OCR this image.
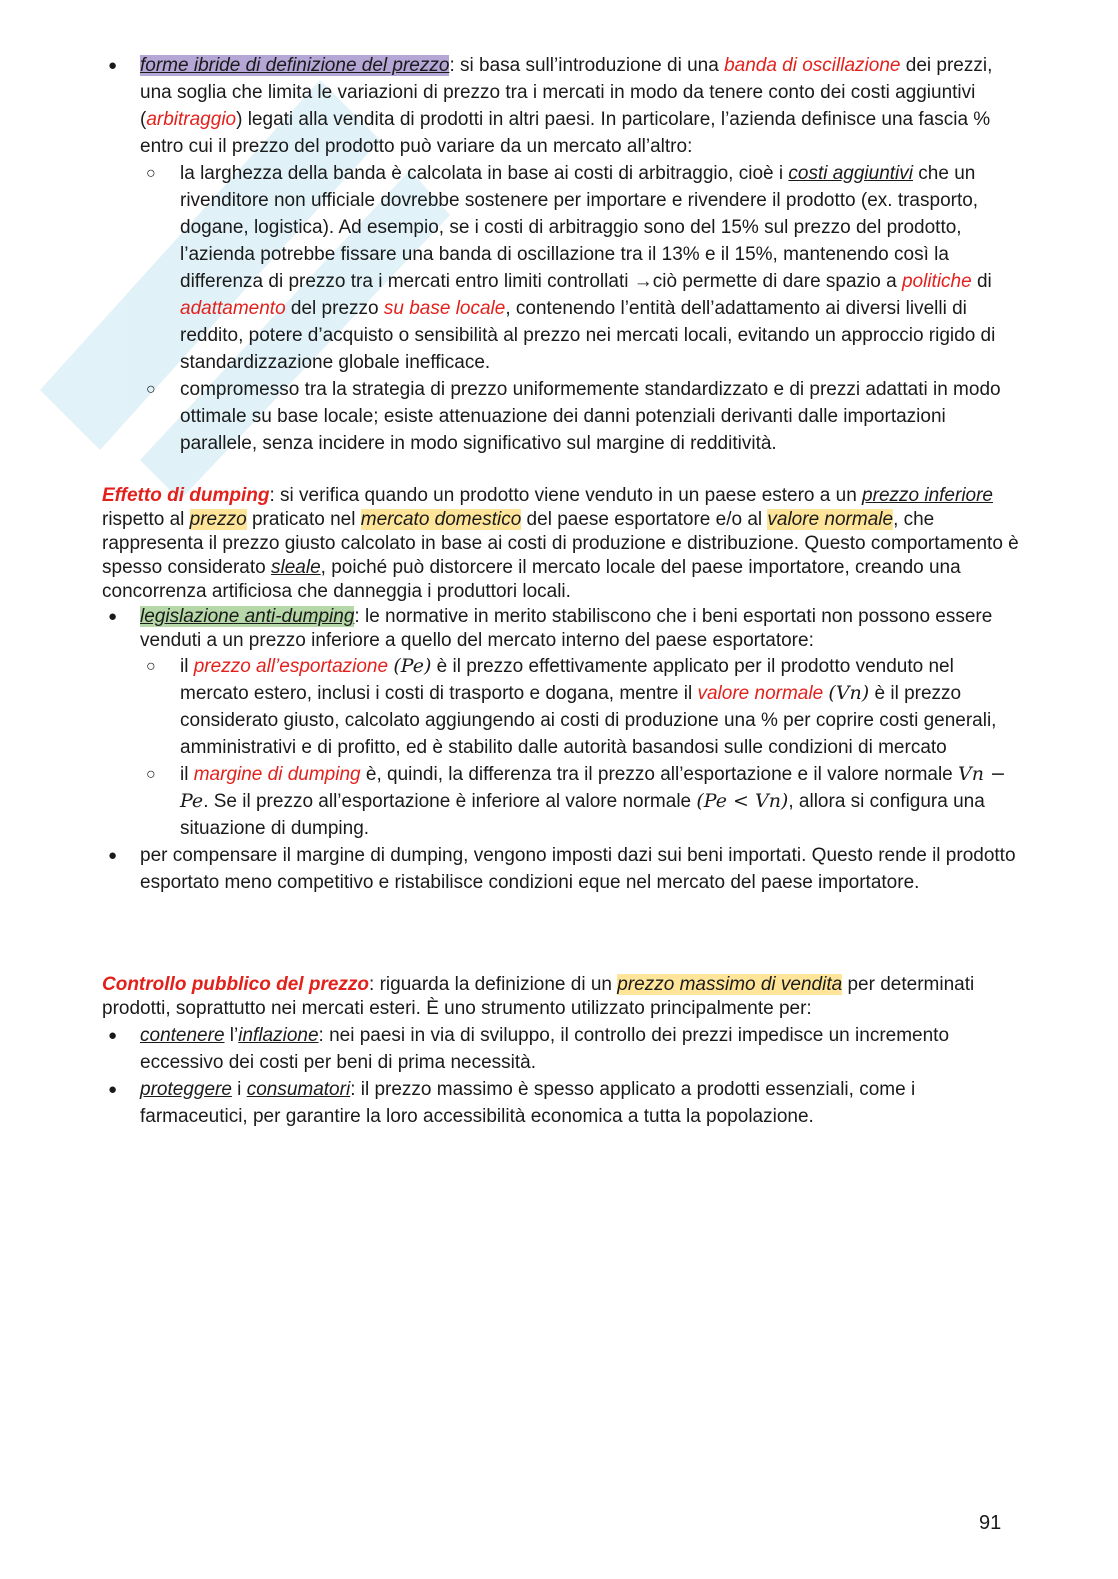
● forme ibride di definizione del prezzo: si basa sull’introduzione di una banda di oscillazione dei prezzi, una soglia che limita le variazioni di prezzo tra i mercati in modo da tenere conto dei costi aggiuntivi (arbitraggio) legati alla vendita di prodotti in altri paesi. In particolare, l’azienda definisce una fascia % entro cui il prezzo del prodotto può variare da un mercato all’altro:
○ la larghezza della banda è calcolata in base ai costi di arbitraggio, cioè i costi aggiuntivi che un rivenditore non ufficiale dovrebbe sostenere per importare e rivendere il prodotto (ex. trasporto, dogane, logistica). Ad esempio, se i costi di arbitraggio sono del 15% sul prezzo del prodotto, l’azienda potrebbe fissare una banda di oscillazione tra il 13% e il 15%, mantenendo così la differenza di prezzo tra i mercati entro limiti controllati →ciò permette di dare spazio a politiche di adattamento del prezzo su base locale, contenendo l’entità dell’adattamento ai diversi livelli di reddito, potere d’acquisto o sensibilità al prezzo nei mercati locali, evitando un approccio rigido di standardizzazione globale inefficace.
○ compromesso tra la strategia di prezzo uniformemente standardizzato e di prezzi adattati in modo ottimale su base locale; esiste attenuazione dei danni potenziali derivanti dalle importazioni parallele, senza incidere in modo significativo sul margine di redditività.

Effetto di dumping: si verifica quando un prodotto viene venduto in un paese estero a un prezzo inferiore rispetto al prezzo praticato nel mercato domestico del paese esportatore e/o al valore normale, che rappresenta il prezzo giusto calcolato in base ai costi di produzione e distribuzione. Questo comportamento è spesso considerato sleale, poiché può distorcere il mercato locale del paese importatore, creando una concorrenza artificiosa che danneggia i produttori locali.

● legislazione anti-dumping: le normative in merito stabiliscono che i beni esportati non possono essere venduti a un prezzo inferiore a quello del mercato interno del paese esportatore:
○ il prezzo all’esportazione (Pe) è il prezzo effettivamente applicato per il prodotto venduto nel mercato estero, inclusi i costi di trasporto e dogana, mentre il valore normale (Vn) è il prezzo considerato giusto, calcolato aggiungendo ai costi di produzione una % per coprire costi generali, amministrativi e di profitto, ed è stabilito dalle autorità basandosi sulle condizioni di mercato
○ il margine di dumping è, quindi, la differenza tra il prezzo all’esportazione e il valore normale Vn − Pe. Se il prezzo all’esportazione è inferiore al valore normale (Pe < Vn), allora si configura una situazione di dumping.
● per compensare il margine di dumping, vengono imposti dazi sui beni importati. Questo rende il prodotto esportato meno competitivo e ristabilisce condizioni eque nel mercato del paese importatore.

Controllo pubblico del prezzo: riguarda la definizione di un prezzo massimo di vendita per determinati prodotti, soprattutto nei mercati esteri. È uno strumento utilizzato principalmente per:

● contenere l’inflazione: nei paesi in via di sviluppo, il controllo dei prezzi impedisce un incremento eccessivo dei costi per beni di prima necessità.
● proteggere i consumatori: il prezzo massimo è spesso applicato a prodotti essenziali, come i farmaceutici, per garantire la loro accessibilità economica a tutta la popolazione.
91
